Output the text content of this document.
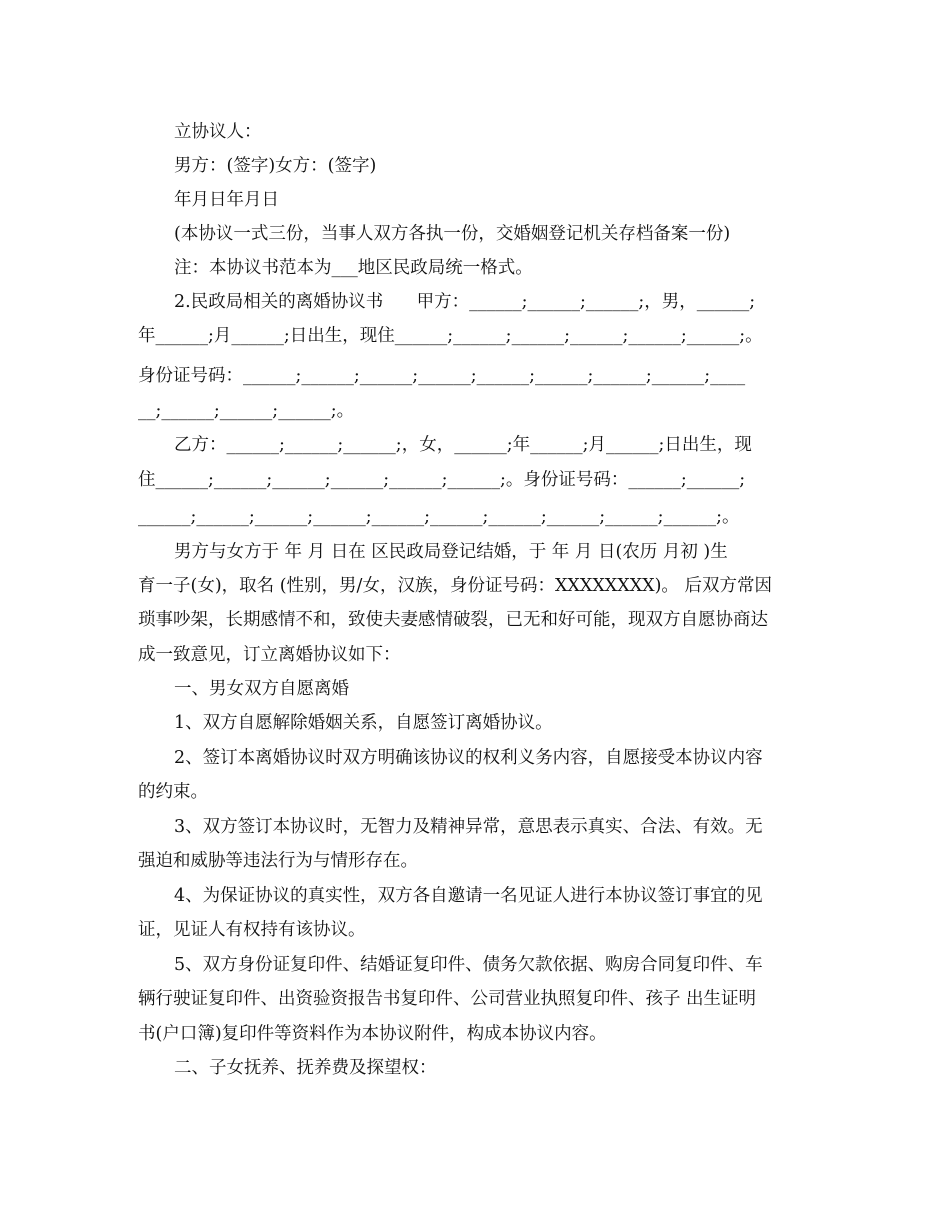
立协议人：
男方：(签字)女方：(签字)
年月日年月日
(本协议一式三份，当事人双方各执一份，交婚姻登记机关存档备案一份)
注：本协议书范本为___地区民政局统一格式。
2.民政局相关的离婚协议书      甲方：______;______;______;，男，______;
年______;月______;日出生，现住______;______;______;______;______;______;。
身份证号码：______;______;______;______;______;______;______;______;____
__;______;______;______;。
乙方：______;______;______;，女，______;年______;月______;日出生，现
住______;______;______;______;______;______;。身份证号码：______;______;
______;______;______;______;______;______;______;______;______;______;。
男方与女方于 年 月 日在 区民政局登记结婚，于 年 月 日(农历 月初 )生
育一子(女)，取名 (性别，男/女，汉族，身份证号码：XXXXXXXX)。 后双方常因
琐事吵架，长期感情不和，致使夫妻感情破裂，已无和好可能，现双方自愿协商达
成一致意见，订立离婚协议如下：
一、男女双方自愿离婚
1、双方自愿解除婚姻关系，自愿签订离婚协议。
2、签订本离婚协议时双方明确该协议的权利义务内容，自愿接受本协议内容
的约束。
3、双方签订本协议时，无智力及精神异常，意思表示真实、合法、有效。无
强迫和威胁等违法行为与情形存在。
4、为保证协议的真实性，双方各自邀请一名见证人进行本协议签订事宜的见
证，见证人有权持有该协议。
5、双方身份证复印件、结婚证复印件、债务欠款依据、购房合同复印件、车
辆行驶证复印件、出资验资报告书复印件、公司营业执照复印件、孩子 出生证明
书(户口簿)复印件等资料作为本协议附件，构成本协议内容。
二、子女抚养、抚养费及探望权：
